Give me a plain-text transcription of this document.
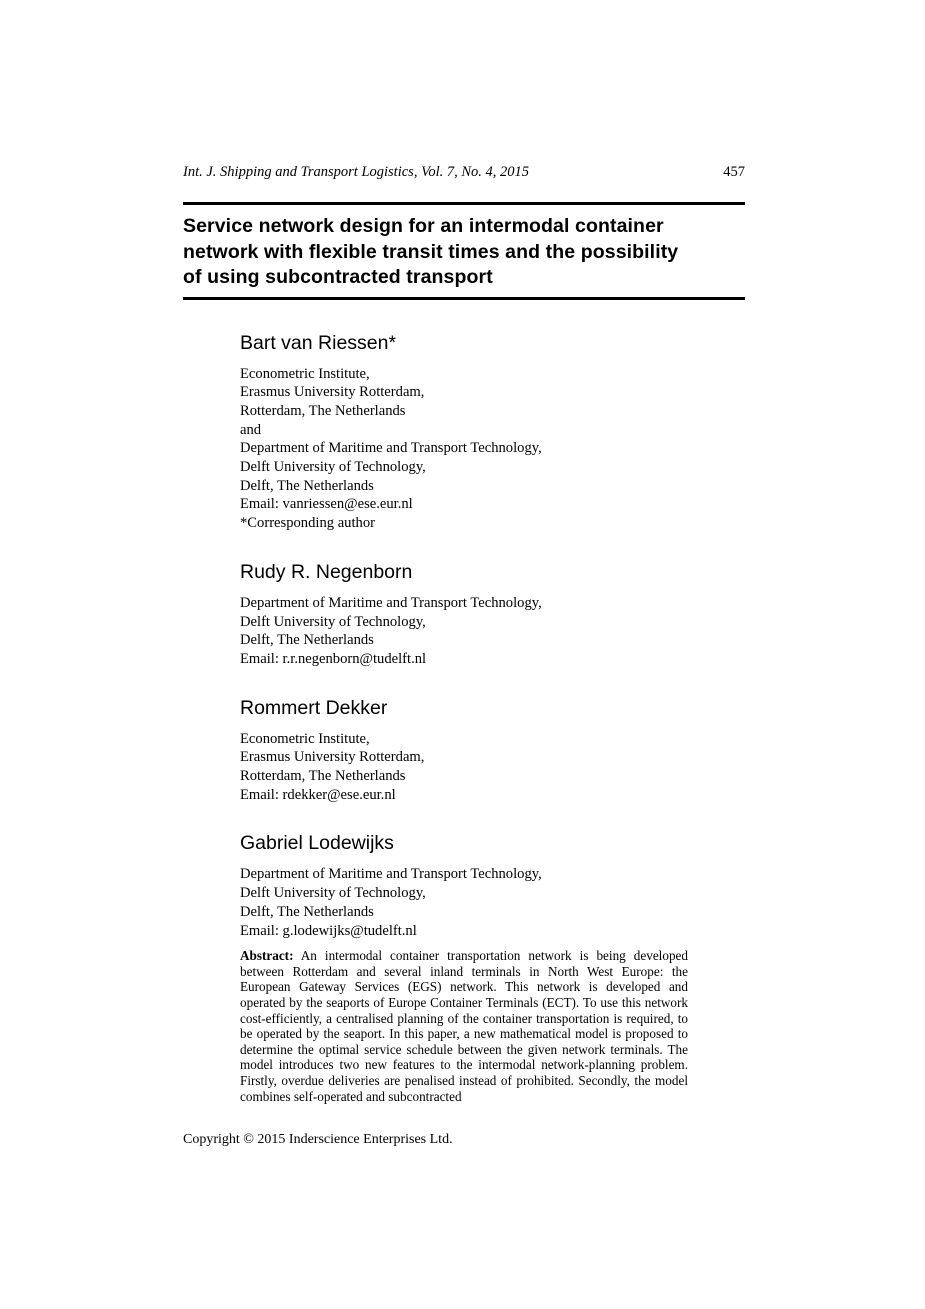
Int. J. Shipping and Transport Logistics, Vol. 7, No. 4, 2015	457
Service network design for an intermodal container
network with flexible transit times and the possibility
of using subcontracted transport
Bart van Riessen*
Econometric Institute,
Erasmus University Rotterdam,
Rotterdam, The Netherlands
and
Department of Maritime and Transport Technology,
Delft University of Technology,
Delft, The Netherlands
Email: vanriessen@ese.eur.nl
*Corresponding author
Rudy R. Negenborn
Department of Maritime and Transport Technology,
Delft University of Technology,
Delft, The Netherlands
Email: r.r.negenborn@tudelft.nl
Rommert Dekker
Econometric Institute,
Erasmus University Rotterdam,
Rotterdam, The Netherlands
Email: rdekker@ese.eur.nl
Gabriel Lodewijks
Department of Maritime and Transport Technology,
Delft University of Technology,
Delft, The Netherlands
Email: g.lodewijks@tudelft.nl

Abstract: An intermodal container transportation network is being developed between Rotterdam and several inland terminals in North West Europe: the European Gateway Services (EGS) network. This network is developed and operated by the seaports of Europe Container Terminals (ECT). To use this network cost-efficiently, a centralised planning of the container transportation is required, to be operated by the seaport. In this paper, a new mathematical model is proposed to determine the optimal service schedule between the given network terminals. The model introduces two new features to the intermodal network-planning problem. Firstly, overdue deliveries are penalised instead of prohibited. Secondly, the model combines self-operated and subcontracted

Copyright © 2015 Inderscience Enterprises Ltd.
